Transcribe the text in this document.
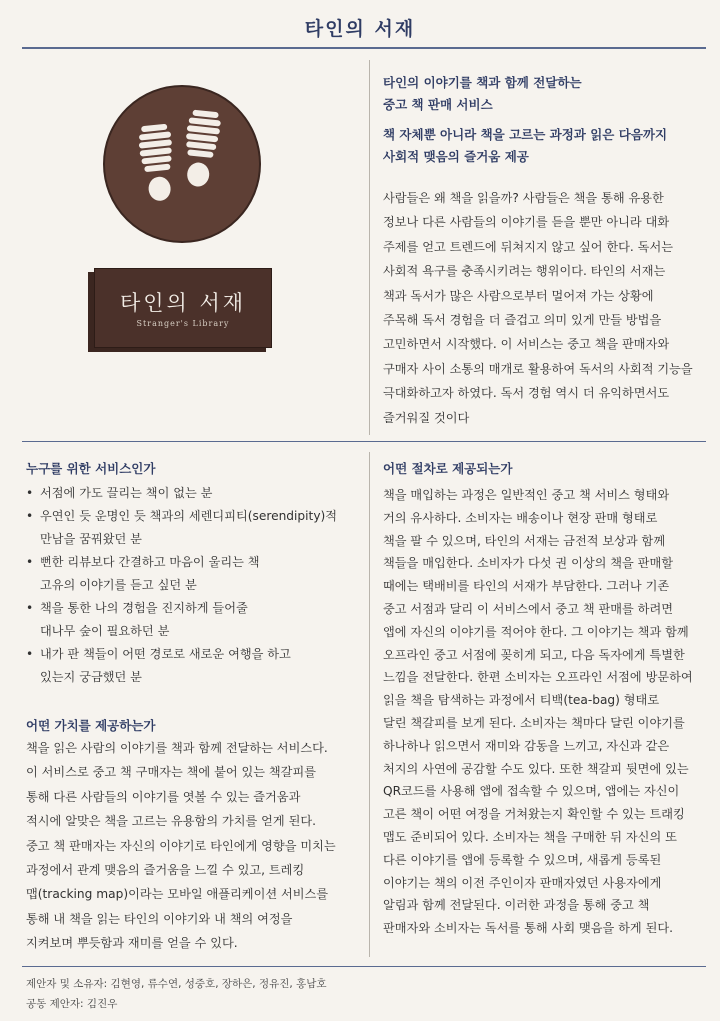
타인의 서재
타인의 서재
Stranger's Library
타인의 이야기를 책과 함께 전달하는
중고 책 판매 서비스
책 자체뿐 아니라 책을 고르는 과정과 읽은 다음까지
사회적 맺음의 즐거움 제공

사람들은 왜 책을 읽을까? 사람들은 책을 통해 유용한

정보나 다른 사람들의 이야기를 듣을 뿐만 아니라 대화

주제를 얻고 트렌드에 뒤쳐지지 않고 싶어 한다. 독서는

사회적 욕구를 충족시키려는 행위이다. 타인의 서재는

책과 독서가 많은 사람으로부터 멀어져 가는 상황에

주목해 독서 경험을 더 즐겁고 의미 있게 만들 방법을

고민하면서 시작했다. 이 서비스는 중고 책을 판매자와

구매자 사이 소통의 매개로 활용하여 독서의 사회적 기능을

극대화하고자 하였다. 독서 경험 역시 더 유익하면서도

즐거워질 것이다

누구를 위한 서비스인가
• 서점에 가도 끌리는 책이 없는 분
• 우연인 듯 운명인 듯 책과의 세렌디피티(serendipity)적
만남을 꿈꿔왔던 분
• 뻔한 리뷰보다 간결하고 마음이 울리는 책
고유의 이야기를 듣고 싶던 분
• 책을 통한 나의 경험을 진지하게 들어줄
대나무 숲이 필요하던 분
• 내가 판 책들이 어떤 경로로 새로운 여행을 하고
있는지 궁금했던 분
어떤 가치를 제공하는가

책을 읽은 사람의 이야기를 책과 함께 전달하는 서비스다.

이 서비스로 중고 책 구매자는 책에 붙어 있는 책갈피를

통해 다른 사람들의 이야기를 엿볼 수 있는 즐거움과

적시에 알맞은 책을 고르는 유용함의 가치를 얻게 된다.

중고 책 판매자는 자신의 이야기로 타인에게 영향을 미치는

과정에서 관계 맺음의 즐거움을 느낄 수 있고, 트레킹

맵(tracking map)이라는 모바일 애플리케이션 서비스를

통해 내 책을 읽는 타인의 이야기와 내 책의 여정을

지켜보며 뿌듯함과 재미를 얻을 수 있다.

어떤 절차로 제공되는가

책을 매입하는 과정은 일반적인 중고 책 서비스 형태와

거의 유사하다. 소비자는 배송이나 현장 판매 형태로

책을 팔 수 있으며, 타인의 서재는 금전적 보상과 함께

책들을 매입한다. 소비자가 다섯 권 이상의 책을 판매할

때에는 택배비를 타인의 서재가 부담한다. 그러나 기존

중고 서점과 달리 이 서비스에서 중고 책 판매를 하려면

앱에 자신의 이야기를 적어야 한다. 그 이야기는 책과 함께

오프라인 중고 서점에 꽂히게 되고, 다음 독자에게 특별한

느낌을 전달한다. 한편 소비자는 오프라인 서점에 방문하여

읽을 책을 탐색하는 과정에서 티백(tea-bag) 형태로

달린 책갈피를 보게 된다. 소비자는 책마다 달린 이야기를

하나하나 읽으면서 재미와 감동을 느끼고, 자신과 같은

처지의 사연에 공감할 수도 있다. 또한 책갈피 뒷면에 있는

QR코드를 사용해 앱에 접속할 수 있으며, 앱에는 자신이

고른 책이 어떤 여정을 거쳐왔는지 확인할 수 있는 트래킹

맵도 준비되어 있다. 소비자는 책을 구매한 뒤 자신의 또

다른 이야기를 앱에 등록할 수 있으며, 새롭게 등록된

이야기는 책의 이전 주인이자 판매자였던 사용자에게

알림과 함께 전달된다. 이러한 과정을 통해 중고 책

판매자와 소비자는 독서를 통해 사회 맺음을 하게 된다.

제안자 및 소유자: 김현영, 류수연, 성중호, 장하은, 정유진, 홍남호
공동 제안자: 김진우
